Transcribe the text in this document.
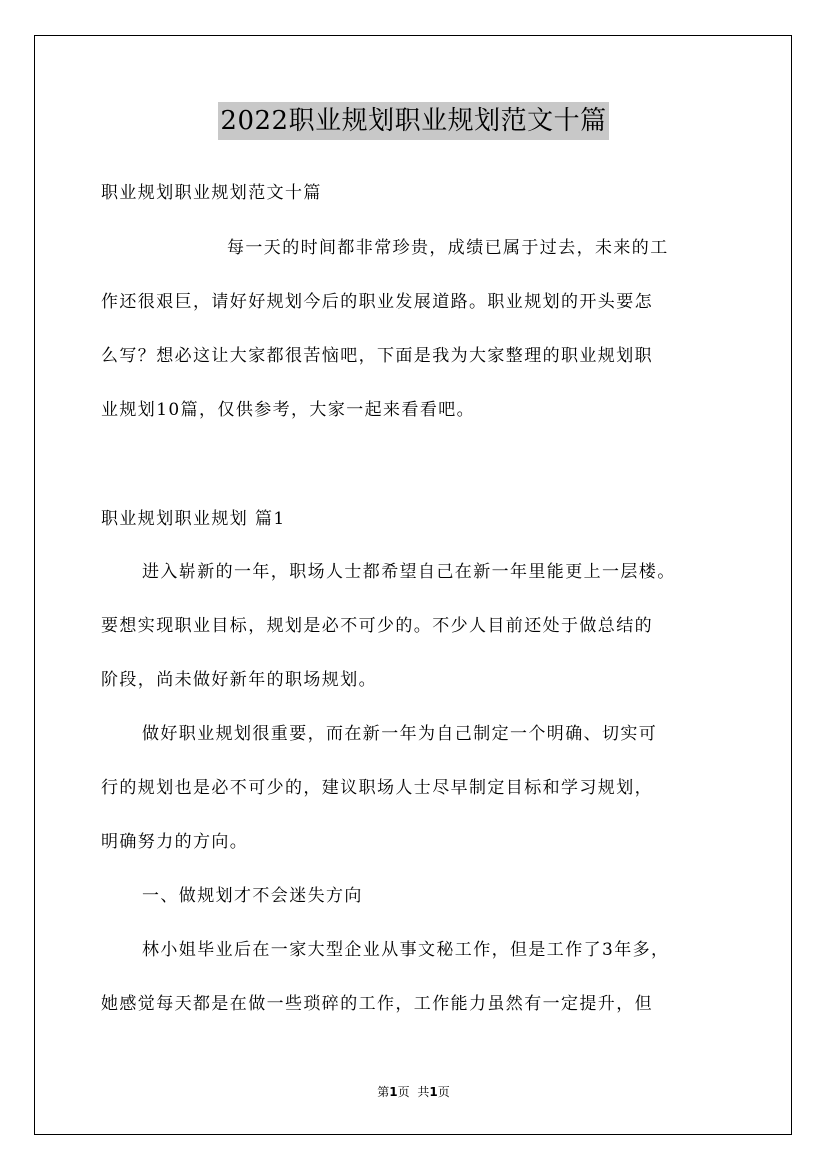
2022职业规划职业规划范文十篇
职业规划职业规划范文十篇
每一天的时间都非常珍贵，成绩已属于过去，未来的工
作还很艰巨，请好好规划今后的职业发展道路。职业规划的开头要怎
么写？想必这让大家都很苦恼吧，下面是我为大家整理的职业规划职
业规划10篇，仅供参考，大家一起来看看吧。
职业规划职业规划 篇1
进入崭新的一年，职场人士都希望自己在新一年里能更上一层楼。
要想实现职业目标，规划是必不可少的。不少人目前还处于做总结的
阶段，尚未做好新年的职场规划。
做好职业规划很重要，而在新一年为自己制定一个明确、切实可
行的规划也是必不可少的，建议职场人士尽早制定目标和学习规划，
明确努力的方向。
一、做规划才不会迷失方向
林小姐毕业后在一家大型企业从事文秘工作，但是工作了3年多，
她感觉每天都是在做一些琐碎的工作，工作能力虽然有一定提升，但
第1页 共1页
